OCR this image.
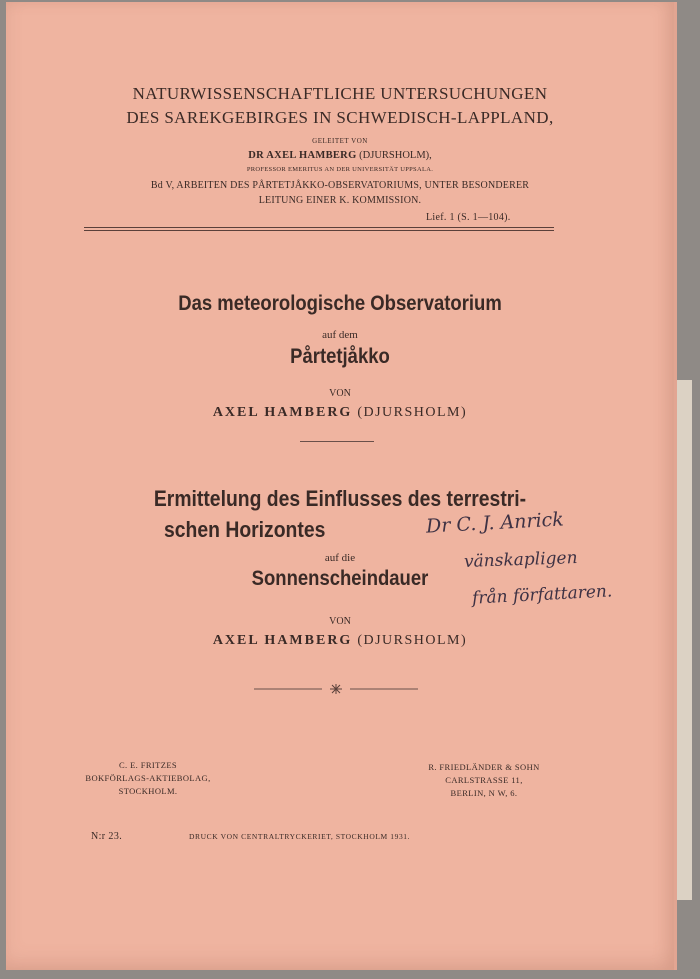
NATURWISSENSCHAFTLICHE UNTERSUCHUNGEN
DES SAREKGEBIRGES IN SCHWEDISCH-LAPPLAND,
GELEITET VON
DR AXEL HAMBERG (DJURSHOLM),
PROFESSOR EMERITUS AN DER UNIVERSITÄT UPPSALA.
Bd V, ARBEITEN DES PÅRTETJÅKKO-OBSERVATORIUMS, UNTER BESONDERER
LEITUNG EINER K. KOMMISSION.
Lief. 1 (S. 1—104).
Das meteorologische Observatorium
auf dem
Pårtetjåkko
VON
AXEL HAMBERG (DJURSHOLM)
Ermittelung des Einflusses des terrestri-
schen Horizontes
auf die
Sonnenscheindauer
VON
AXEL HAMBERG (DJURSHOLM)
Dr C. J. Anrick
vänskapligen
från författaren.
C. E. FRITZES
BOKFÖRLAGS-AKTIEBOLAG,
STOCKHOLM.
R. FRIEDLÄNDER & SOHN
CARLSTRASSE 11,
BERLIN, N W, 6.
N:r 23.	DRUCK VON CENTRALTRYCKERIET, STOCKHOLM 1931.
